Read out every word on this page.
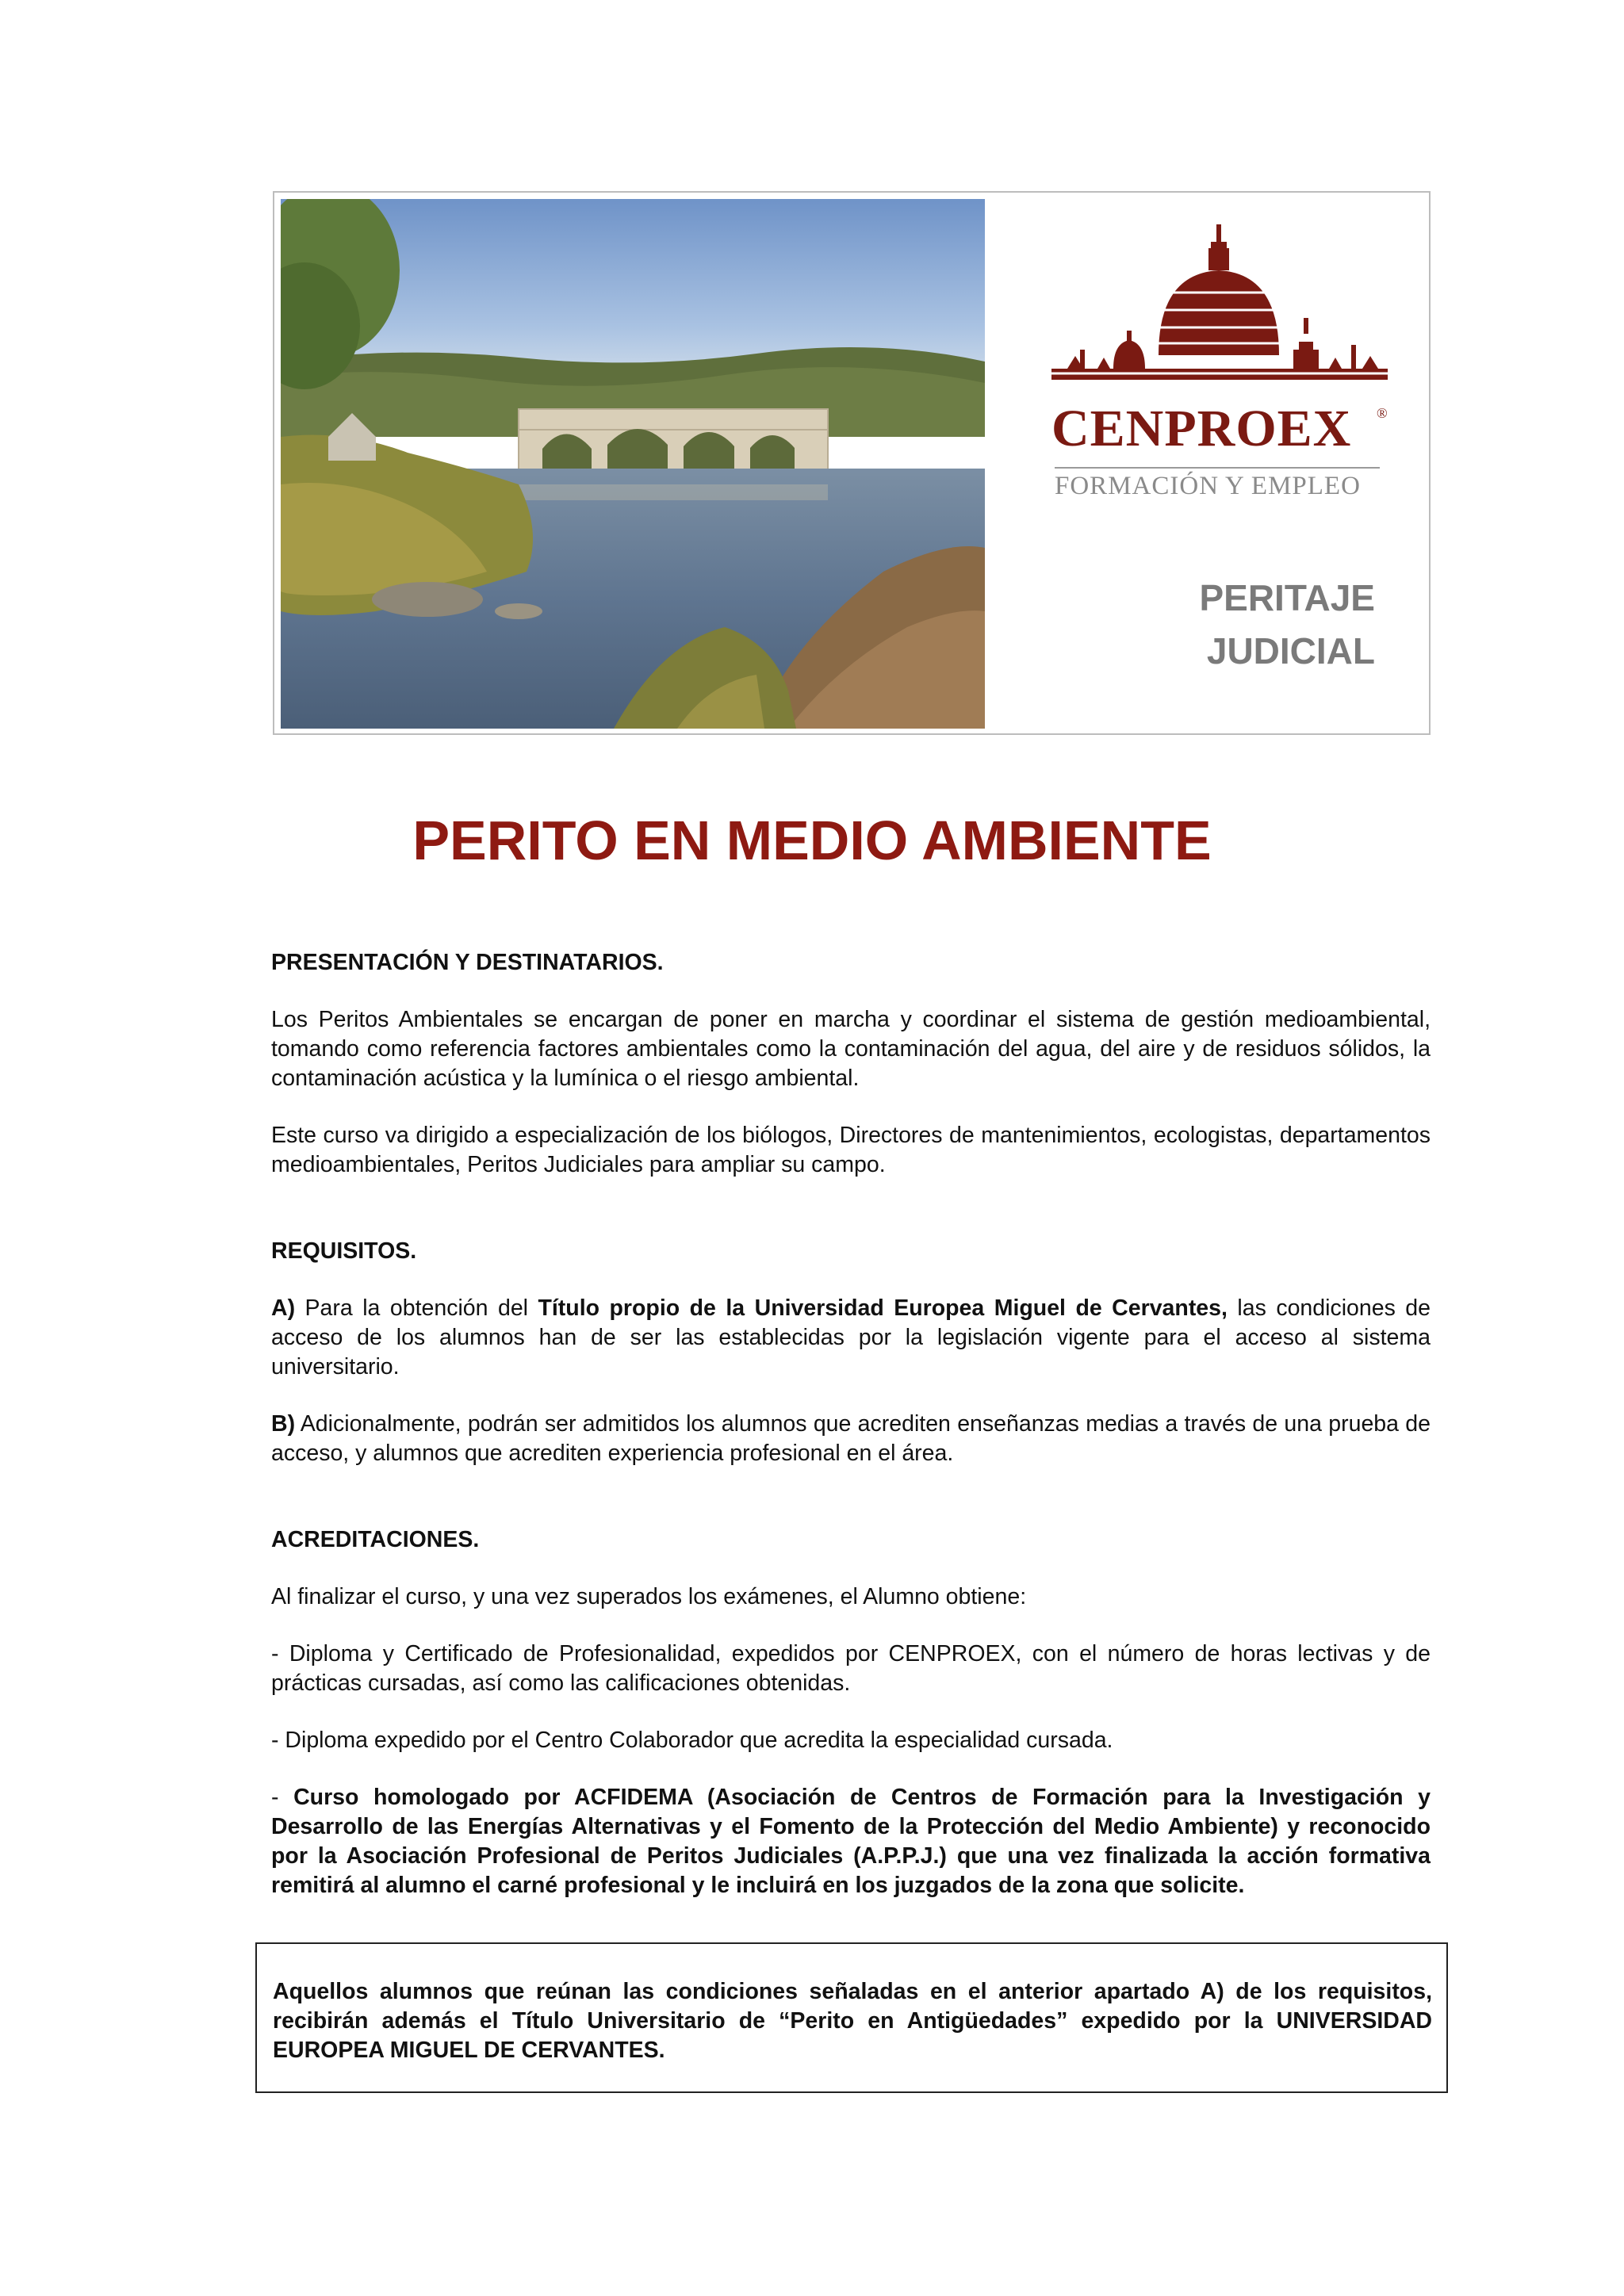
CENPROEX	®
FORMACIÓN Y EMPLEO
PERITAJE
JUDICIAL
PERITO EN MEDIO AMBIENTE
PRESENTACIÓN Y DESTINATARIOS.

Los Peritos Ambientales se encargan de poner en marcha y coordinar el sistema de gestión medioambiental, tomando como referencia factores ambientales como la contaminación del agua, del aire y de residuos sólidos, la contaminación acústica y la lumínica o el riesgo ambiental.

Este curso va dirigido a especialización de los biólogos, Directores de mantenimientos, ecologistas, departamentos medioambientales, Peritos Judiciales para ampliar su campo.

REQUISITOS.

A) Para la obtención del Título propio de la Universidad Europea Miguel de Cervantes, las condiciones de acceso de los alumnos han de ser las establecidas por la legislación vigente para el acceso al sistema universitario.

B) Adicionalmente, podrán ser admitidos los alumnos que acrediten enseñanzas medias a través de una prueba de acceso, y alumnos que acrediten experiencia profesional en el área.

ACREDITACIONES.

Al finalizar el curso, y una vez superados los exámenes, el Alumno obtiene:

- Diploma y Certificado de Profesionalidad, expedidos por CENPROEX, con el número de horas lectivas y de prácticas cursadas, así como las calificaciones obtenidas.

- Diploma expedido por el Centro Colaborador que acredita la especialidad cursada.

- Curso homologado por ACFIDEMA (Asociación de Centros de Formación para la Investigación y Desarrollo de las Energías Alternativas y el Fomento de la Protección del Medio Ambiente) y reconocido por la Asociación Profesional de Peritos Judiciales (A.P.P.J.) que una vez finalizada la acción formativa remitirá al alumno el carné profesional y le incluirá en los juzgados de la zona que solicite.

Aquellos alumnos que reúnan las condiciones señaladas en el anterior apartado A) de los requisitos, recibirán además el Título Universitario de “Perito en Antigüedades” expedido por la UNIVERSIDAD EUROPEA MIGUEL DE CERVANTES.
